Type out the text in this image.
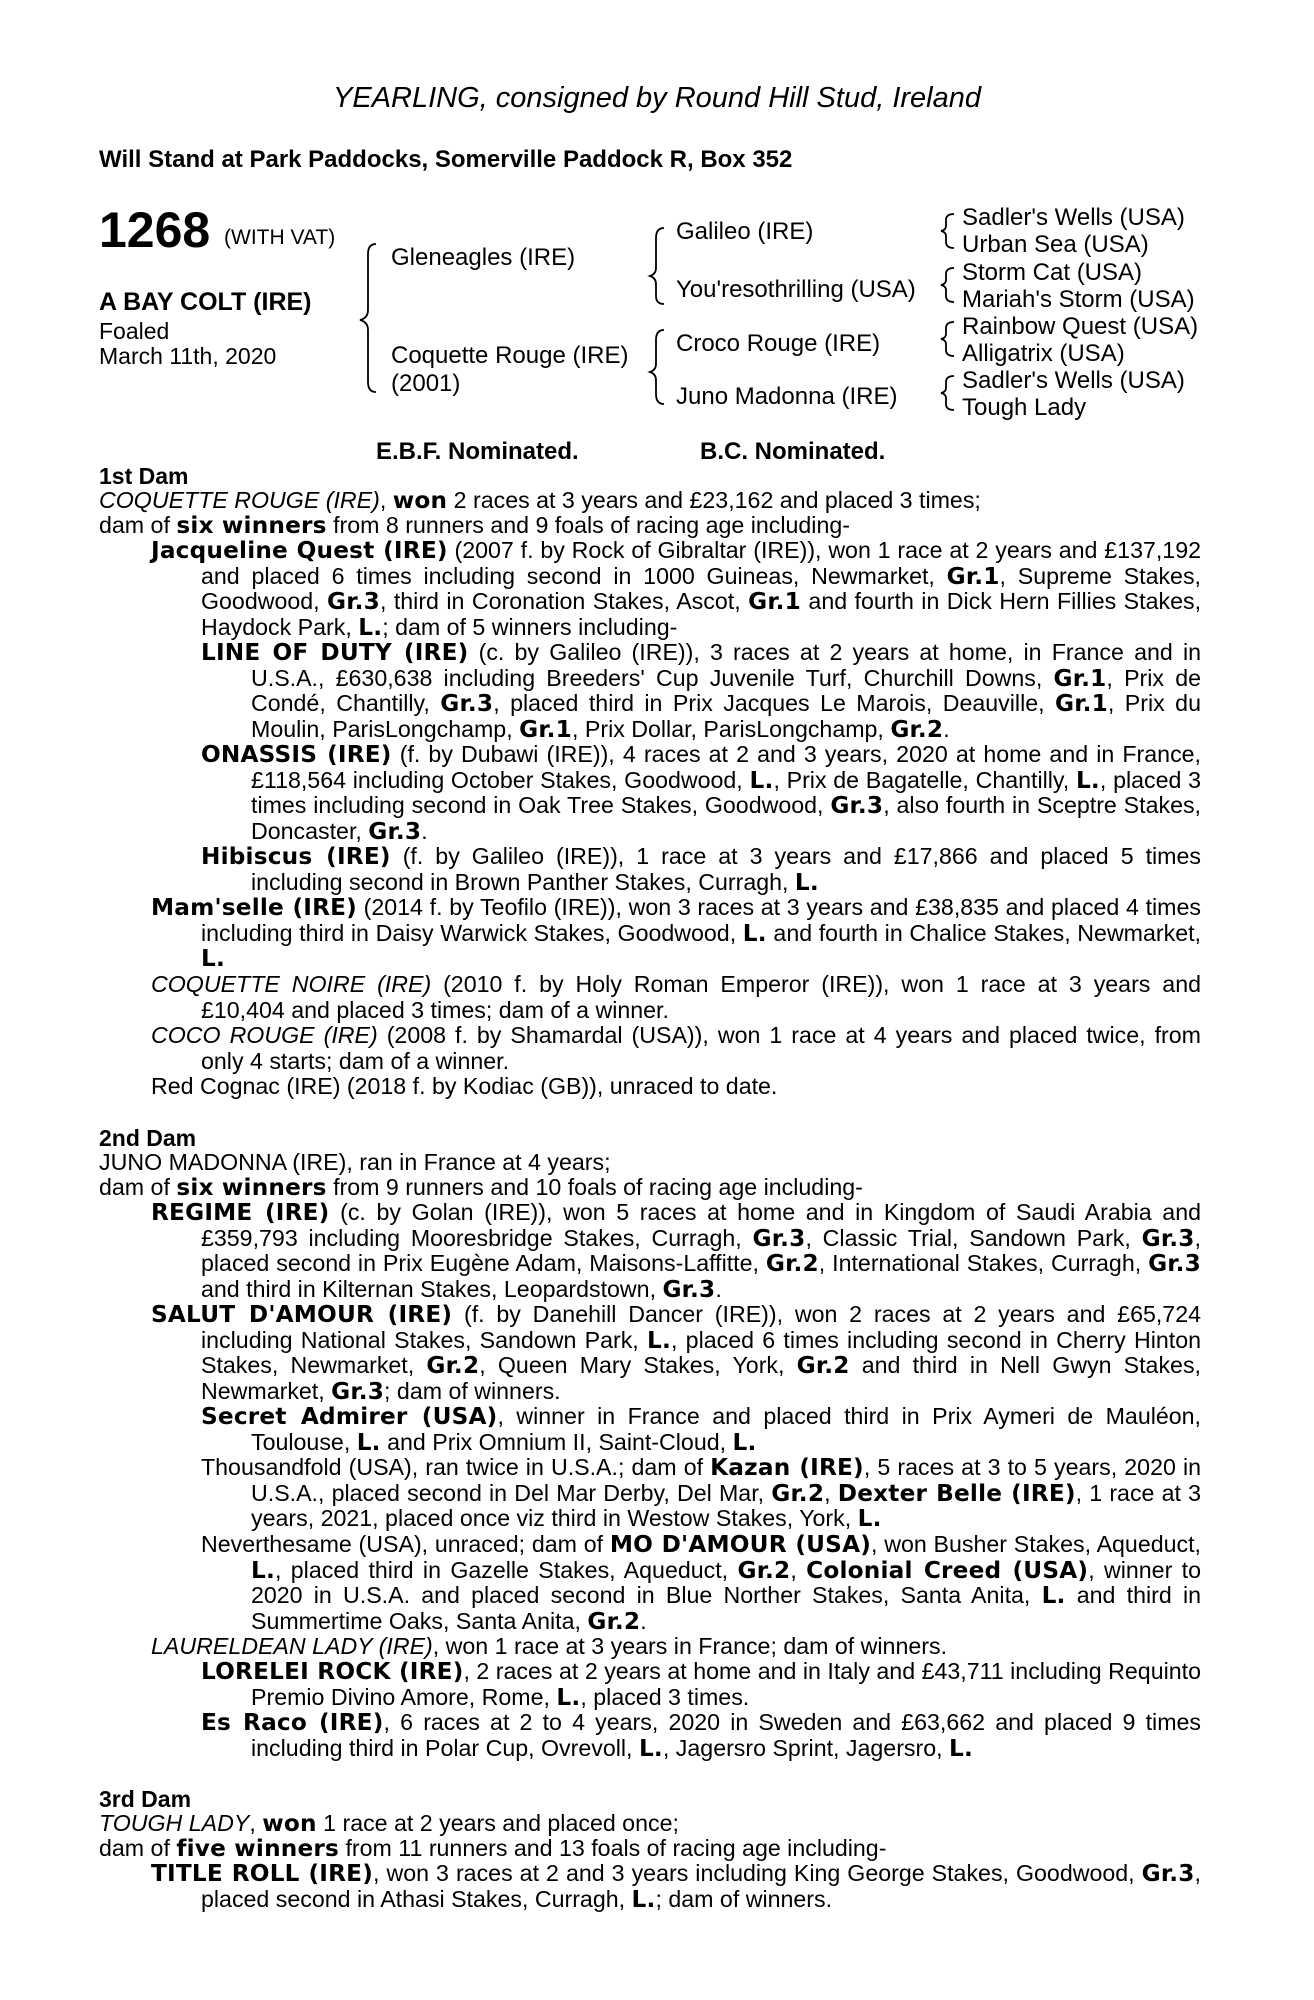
YEARLING, consigned by Round Hill Stud, Ireland
Will Stand at Park Paddocks, Somerville Paddock R, Box 352
1268 (WITH VAT)
A BAY COLT (IRE)
Foaled
March 11th, 2020
Gleneagles (IRE)
Coquette Rouge (IRE)
(2001)
Galileo (IRE)
You'resothrilling (USA)
Croco Rouge (IRE)
Juno Madonna (IRE)
Sadler's Wells (USA)
Urban Sea (USA)
Storm Cat (USA)
Mariah's Storm (USA)
Rainbow Quest (USA)
Alligatrix (USA)
Sadler's Wells (USA)
Tough Lady
E.B.F. Nominated.	B.C. Nominated.
1st Dam
COQUETTE ROUGE (IRE), won 2 races at 3 years and £23,162 and placed 3 times;
dam of six winners from 8 runners and 9 foals of racing age including-
Jacqueline Quest (IRE) (2007 f. by Rock of Gibraltar (IRE)), won 1 race at 2 years and £137,192 and placed 6 times including second in 1000 Guineas, Newmarket, Gr.1, Supreme Stakes, Goodwood, Gr.3, third in Coronation Stakes, Ascot, Gr.1 and fourth in Dick Hern Fillies Stakes, Haydock Park, L.; dam of 5 winners including-
LINE OF DUTY (IRE) (c. by Galileo (IRE)), 3 races at 2 years at home, in France and in U.S.A., £630,638 including Breeders' Cup Juvenile Turf, Churchill Downs, Gr.1, Prix de Condé, Chantilly, Gr.3, placed third in Prix Jacques Le Marois, Deauville, Gr.1, Prix du Moulin, ParisLongchamp, Gr.1, Prix Dollar, ParisLongchamp, Gr.2.
ONASSIS (IRE) (f. by Dubawi (IRE)), 4 races at 2 and 3 years, 2020 at home and in France, £118,564 including October Stakes, Goodwood, L., Prix de Bagatelle, Chantilly, L., placed 3 times including second in Oak Tree Stakes, Goodwood, Gr.3, also fourth in Sceptre Stakes, Doncaster, Gr.3.
Hibiscus (IRE) (f. by Galileo (IRE)), 1 race at 3 years and £17,866 and placed 5 times including second in Brown Panther Stakes, Curragh, L.
Mam'selle (IRE) (2014 f. by Teofilo (IRE)), won 3 races at 3 years and £38,835 and placed 4 times including third in Daisy Warwick Stakes, Goodwood, L. and fourth in Chalice Stakes, Newmarket, L.
COQUETTE NOIRE (IRE) (2010 f. by Holy Roman Emperor (IRE)), won 1 race at 3 years and £10,404 and placed 3 times; dam of a winner.
COCO ROUGE (IRE) (2008 f. by Shamardal (USA)), won 1 race at 4 years and placed twice, from only 4 starts; dam of a winner.
Red Cognac (IRE) (2018 f. by Kodiac (GB)), unraced to date.
2nd Dam
JUNO MADONNA (IRE), ran in France at 4 years;
dam of six winners from 9 runners and 10 foals of racing age including-
REGIME (IRE) (c. by Golan (IRE)), won 5 races at home and in Kingdom of Saudi Arabia and £359,793 including Mooresbridge Stakes, Curragh, Gr.3, Classic Trial, Sandown Park, Gr.3, placed second in Prix Eugène Adam, Maisons-Laffitte, Gr.2, International Stakes, Curragh, Gr.3 and third in Kilternan Stakes, Leopardstown, Gr.3.
SALUT D'AMOUR (IRE) (f. by Danehill Dancer (IRE)), won 2 races at 2 years and £65,724 including National Stakes, Sandown Park, L., placed 6 times including second in Cherry Hinton Stakes, Newmarket, Gr.2, Queen Mary Stakes, York, Gr.2 and third in Nell Gwyn Stakes, Newmarket, Gr.3; dam of winners.
Secret Admirer (USA), winner in France and placed third in Prix Aymeri de Mauléon, Toulouse, L. and Prix Omnium II, Saint-Cloud, L.
Thousandfold (USA), ran twice in U.S.A.; dam of Kazan (IRE), 5 races at 3 to 5 years, 2020 in U.S.A., placed second in Del Mar Derby, Del Mar, Gr.2, Dexter Belle (IRE), 1 race at 3 years, 2021, placed once viz third in Westow Stakes, York, L.
Neverthesame (USA), unraced; dam of MO D'AMOUR (USA), won Busher Stakes, Aqueduct, L., placed third in Gazelle Stakes, Aqueduct, Gr.2, Colonial Creed (USA), winner to 2020 in U.S.A. and placed second in Blue Norther Stakes, Santa Anita, L. and third in Summertime Oaks, Santa Anita, Gr.2.
LAURELDEAN LADY (IRE), won 1 race at 3 years in France; dam of winners.
LORELEI ROCK (IRE), 2 races at 2 years at home and in Italy and £43,711 including Requinto Premio Divino Amore, Rome, L., placed 3 times.
Es Raco (IRE), 6 races at 2 to 4 years, 2020 in Sweden and £63,662 and placed 9 times including third in Polar Cup, Ovrevoll, L., Jagersro Sprint, Jagersro, L.
3rd Dam
TOUGH LADY, won 1 race at 2 years and placed once;
dam of five winners from 11 runners and 13 foals of racing age including-
TITLE ROLL (IRE), won 3 races at 2 and 3 years including King George Stakes, Goodwood, Gr.3, placed second in Athasi Stakes, Curragh, L.; dam of winners.
